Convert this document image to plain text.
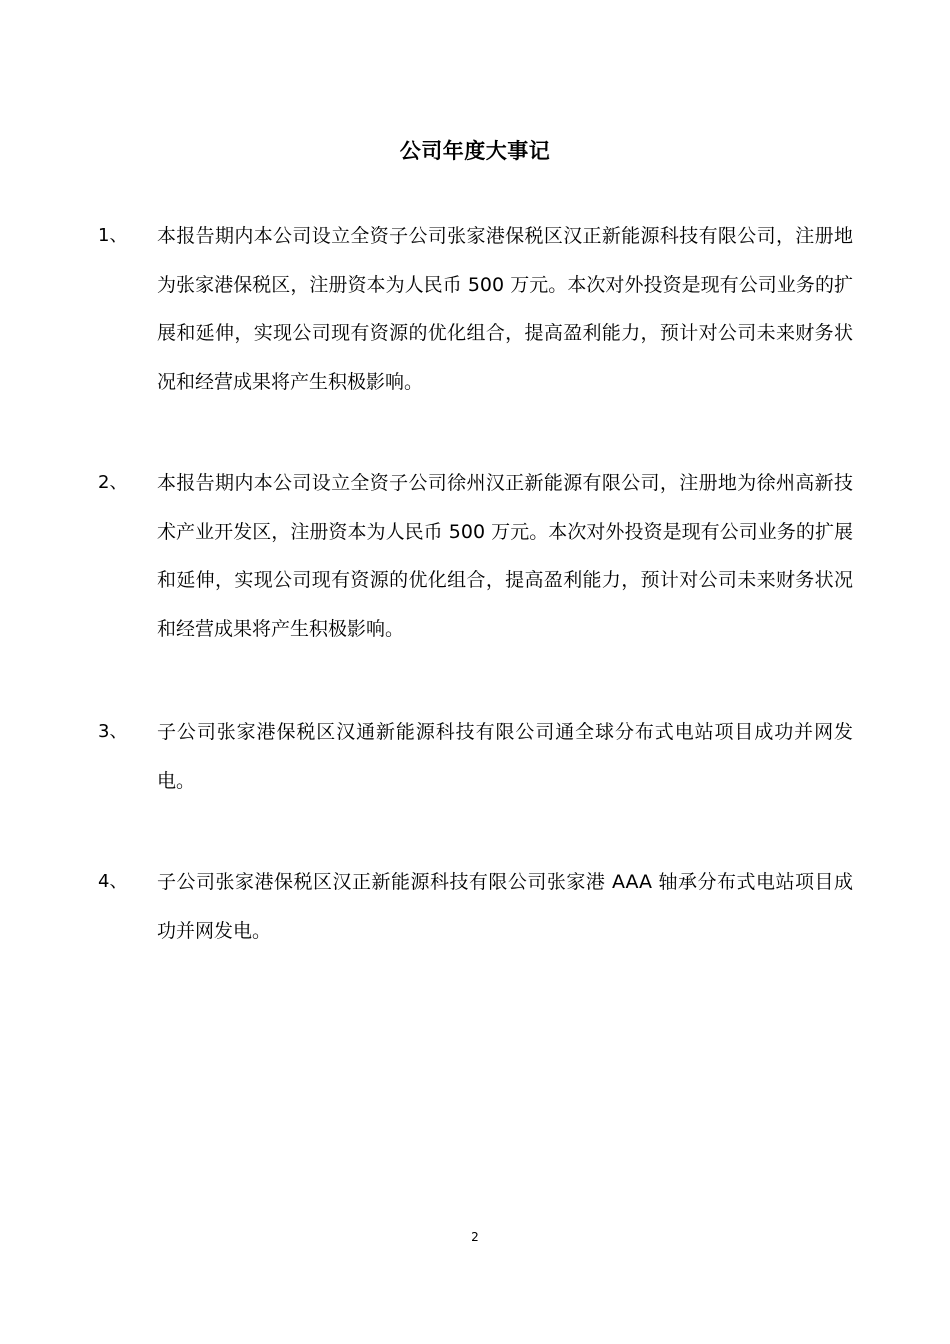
公司年度大事记
1、 本报告期内本公司设立全资子公司张家港保税区汉正新能源科技有限公司，注册地为张家港保税区，注册资本为人民币 500 万元。本次对外投资是现有公司业务的扩展和延伸，实现公司现有资源的优化组合，提高盈利能力，预计对公司未来财务状况和经营成果将产生积极影响。
2、 本报告期内本公司设立全资子公司徐州汉正新能源有限公司，注册地为徐州高新技术产业开发区，注册资本为人民币 500 万元。本次对外投资是现有公司业务的扩展和延伸，实现公司现有资源的优化组合，提高盈利能力，预计对公司未来财务状况和经营成果将产生积极影响。
3、 子公司张家港保税区汉通新能源科技有限公司通全球分布式电站项目成功并网发电。
4、 子公司张家港保税区汉正新能源科技有限公司张家港 AAA 轴承分布式电站项目成功并网发电。
2
